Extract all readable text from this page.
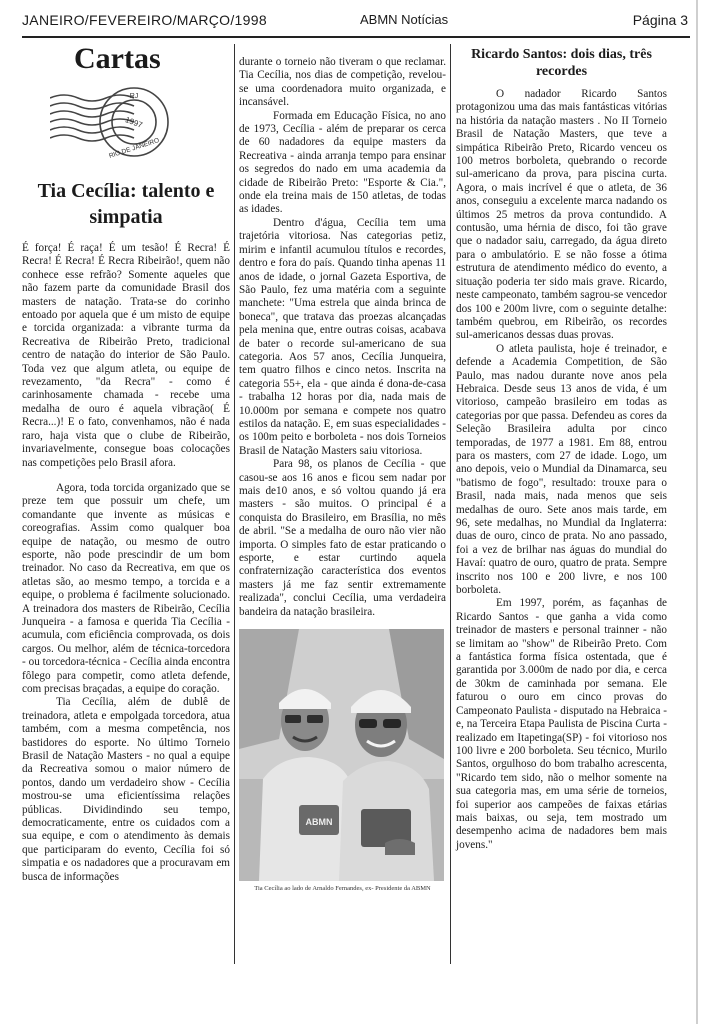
JANEIRO/FEVEREIRO/MARÇO/1998	ABMN Notícias	Página 3
Cartas
RJ
1997
RIO DE JANEIRO
Tia Cecília: talento e
simpatia

É força! É raça! É um tesão! É Recra! É Recra! É Recra! É Recra Ribeirão!, quem não conhece esse refrão? Somente aqueles que não fazem parte da comunidade Brasil dos masters de natação. Trata-se do corinho entoado por aquela que é um misto de equipe e torcida organizada: a vibrante turma da Recreativa de Ribeirão Preto, tradicional centro de natação do interior de São Paulo. Toda vez que algum atleta, ou equipe de revezamento, "da Recra" - como é carinhosamente chamada - recebe uma medalha de ouro é aquela vibração( É Recra...)! E o fato, convenhamos, não é nada raro, haja vista que o clube de Ribeirão, invariavelmente, consegue boas colocações nas competições pelo Brasil afora.

Agora, toda torcida organizado que se preze tem que possuir um chefe, um comandante que invente as músicas e coreografias. Assim como qualquer boa equipe de natação, ou mesmo de outro esporte, não pode prescindir de um bom treinador. No caso da Recreativa, em que os atletas são, ao mesmo tempo, a torcida e a equipe, o problema é facilmente solucionado. A treinadora dos masters de Ribeirão, Cecília Junqueira - a famosa e querida Tia Cecília - acumula, com eficiência comprovada, os dois cargos. Ou melhor, além de técnica-torcedora - ou torcedora-técnica - Cecília ainda encontra fôlego para competir, como atleta defende, com precisas braçadas, a equipe do coração.

Tia Cecília, além de dublê de treinadora, atleta e empolgada torcedora, atua também, com a mesma competência, nos bastidores do esporte. No último Torneio Brasil de Natação Masters - no qual a equipe da Recreativa somou o maior número de pontos, dando um verdadeiro show - Cecília mostrou-se uma eficientíssima relações públicas. Dividindindo seu tempo, democraticamente, entre os cuidados com a sua equipe, e com o atendimento às demais que participaram do evento, Cecília foi só simpatia e os nadadores que a procuravam em busca de informações

durante o torneio não tiveram o que reclamar. Tia Cecília, nos dias de competição, revelou-se uma coordenadora muito organizada, e incansável.

Formada em Educação Física, no ano de 1973, Cecília - além de preparar os cerca de 60 nadadores da equipe masters da Recreativa - ainda arranja tempo para ensinar os segredos do nado em uma academia da cidade de Ribeirão Preto: "Esporte & Cia.", onde ela treina mais de 150 atletas, de todas as idades.

Dentro d'água, Cecília tem uma trajetória vitoriosa. Nas categorias petiz, mirim e infantil acumulou títulos e recordes, dentro e fora do país. Quando tinha apenas 11 anos de idade, o jornal Gazeta Esportiva, de São Paulo, fez uma matéria com a seguinte manchete: "Uma estrela que ainda brinca de boneca", que tratava das proezas alcançadas pela menina que, entre outras coisas, acabava de bater o recorde sul-americano de sua categoria. Aos 57 anos, Cecília Junqueira, tem quatro filhos e cinco netos. Inscrita na categoria 55+, ela - que ainda é dona-de-casa - trabalha 12 horas por dia, nada mais de 10.000m por semana e compete nos quatro estilos da natação. E, em suas especialidades - os 100m peito e borboleta - nos dois Torneios Brasil de Natação Masters saiu vitoriosa.

Para 98, os planos de Cecília - que casou-se aos 16 anos e ficou sem nadar por mais de10 anos, e só voltou quando já era masters - são muitos. O principal é a conquista do Brasileiro, em Brasília, no mês de abril. "Se a medalha de ouro não vier não importa. O simples fato de estar praticando o esporte, e estar curtindo aquela confraternização característica dos eventos masters já me faz sentir extremamente realizada", conclui Cecília, uma verdadeira bandeira da natação brasileira.

ABMN
Tia Cecília ao lado de Arnaldo Fernandes, ex- Presidente da ABMN
Ricardo Santos: dois dias, três recordes

O nadador Ricardo Santos protagonizou uma das mais fantásticas vitórias na história da natação masters . No II Torneio Brasil de Natação Masters, que teve a simpática Ribeirão Preto, Ricardo venceu os 100 metros borboleta, quebrando o recorde sul-americano da prova, para piscina curta. Agora, o mais incrível é que o atleta, de 36 anos, conseguiu a excelente marca nadando os últimos 25 metros da prova contundido. A contusão, uma hérnia de disco, foi tão grave que o nadador saiu, carregado, da água direto para o ambulatório. E se não fosse a ótima estrutura de atendimento médico do evento, a situação poderia ter sido mais grave. Ricardo, neste campeonato, também sagrou-se vencedor dos 100 e 200m livre, com o seguinte detalhe: também quebrou, em Ribeirão, os recordes sul-americanos dessas duas provas.

O atleta paulista, hoje é treinador, e defende a Academia Competition, de São Paulo, mas nadou durante nove anos pela Hebraica. Desde seus 13 anos de vida, é um vitorioso, campeão brasileiro em todas as categorias por que passa. Defendeu as cores da Seleção Brasileira adulta por cinco temporadas, de 1977 a 1981. Em 88, entrou para os masters, com 27 de idade. Logo, um ano depois, veio o Mundial da Dinamarca, seu "batismo de fogo", resultado: trouxe para o Brasil, nada mais, nada menos que seis medalhas de ouro. Sete anos mais tarde, em 96, sete medalhas, no Mundial da Inglaterra: duas de ouro, cinco de prata. No ano passado, foi a vez de brilhar nas águas do mundial do Havaí: quatro de ouro, quatro de prata. Sempre inscrito nos 100 e 200 livre, e nos 100 borboleta.

Em 1997, porém, as façanhas de Ricardo Santos - que ganha a vida como treinador de masters e personal trainner - não se limitam ao "show" de Ribeirão Preto. Com a fantástica forma física ostentada, que é garantida por 3.000m de nado por dia, e cerca de 30km de caminhada por semana. Ele faturou o ouro em cinco provas do Campeonato Paulista - disputado na Hebraica - e, na Terceira Etapa Paulista de Piscina Curta - realizado em Itapetinga(SP) - foi vitorioso nos 100 livre e 200 borboleta. Seu técnico, Murilo Santos, orgulhoso do bom trabalho acrescenta, "Ricardo tem sido, não o melhor somente na sua categoria mas, em uma série de torneios, foi superior aos campeões de faixas etárias mais baixas, ou seja, tem mostrado um desempenho acima de nadadores bem mais jovens."
